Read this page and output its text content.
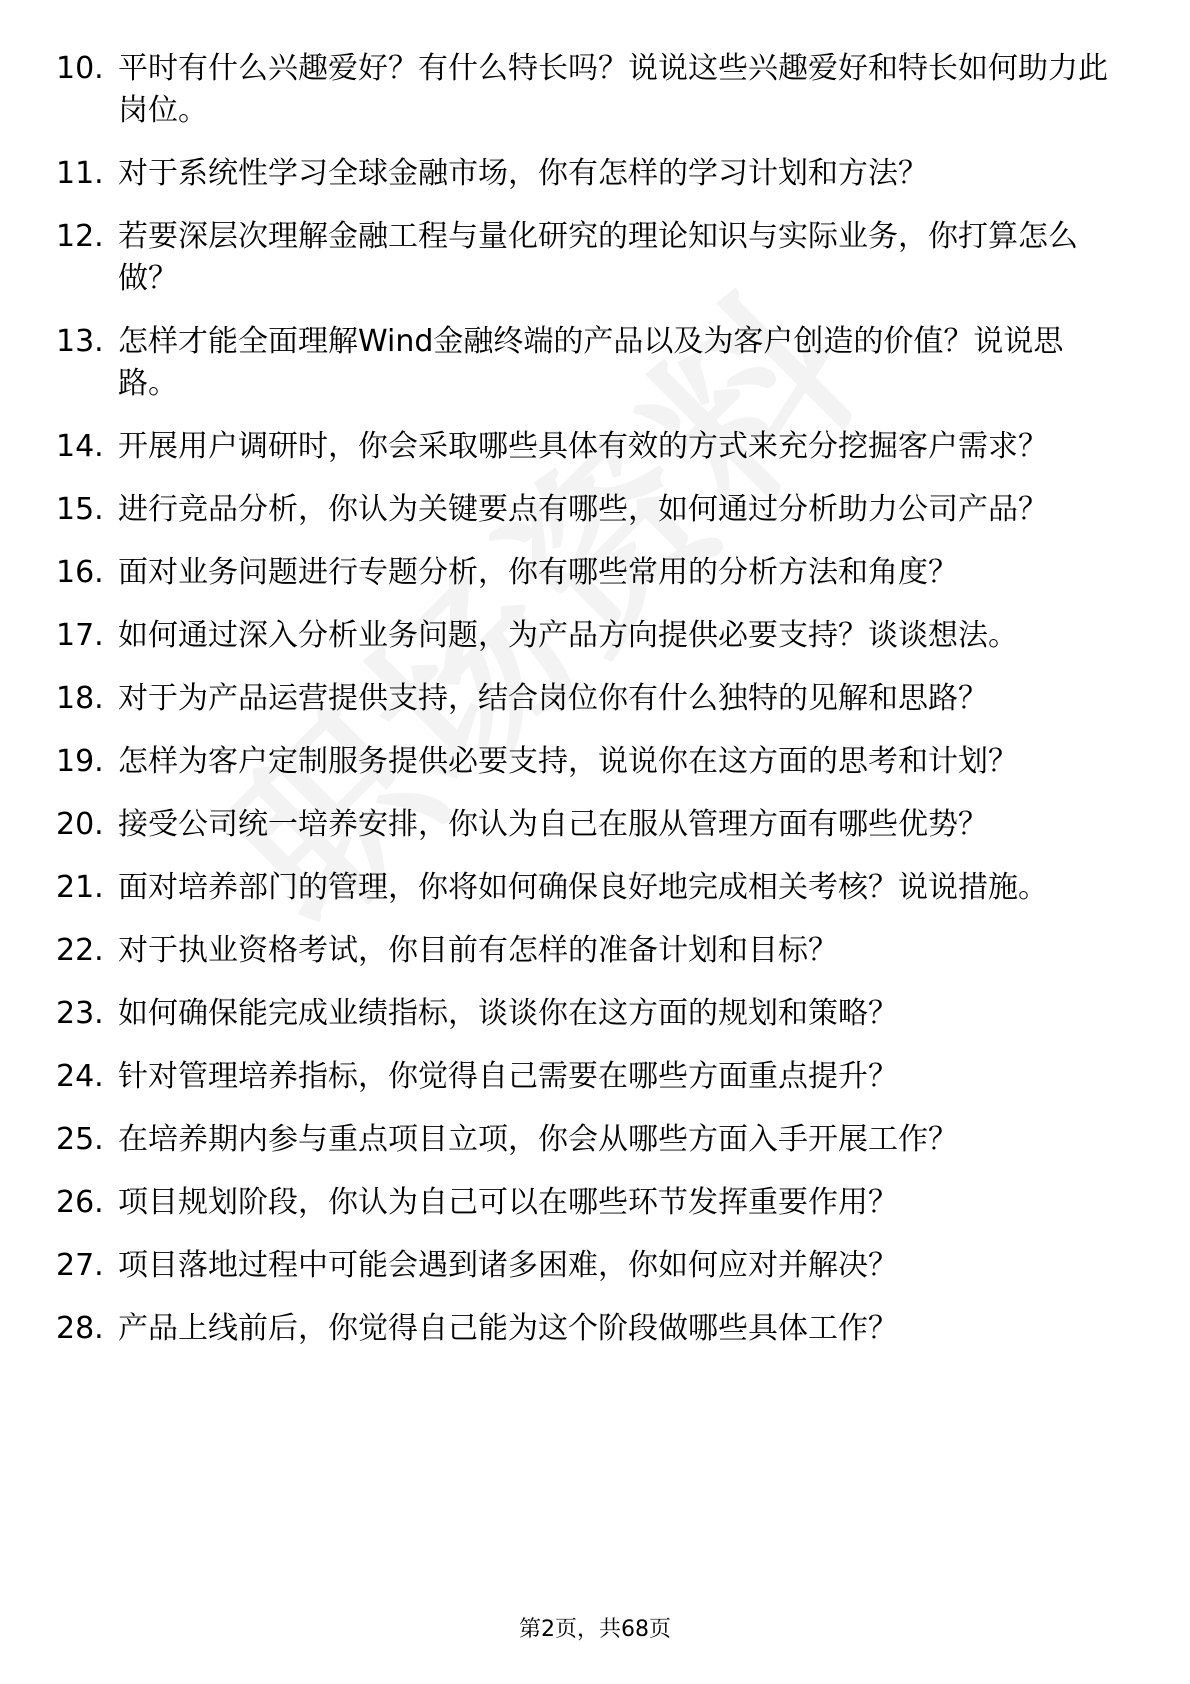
10. 平时有什么兴趣爱好？有什么特长吗？说说这些兴趣爱好和特长如何助力此岗位。
11. 对于系统性学习全球金融市场，你有怎样的学习计划和方法？
12. 若要深层次理解金融工程与量化研究的理论知识与实际业务，你打算怎么做？
13. 怎样才能全面理解Wind金融终端的产品以及为客户创造的价值？说说思路。
14. 开展用户调研时，你会采取哪些具体有效的方式来充分挖掘客户需求？
15. 进行竞品分析，你认为关键要点有哪些，如何通过分析助力公司产品？
16. 面对业务问题进行专题分析，你有哪些常用的分析方法和角度？
17. 如何通过深入分析业务问题，为产品方向提供必要支持？谈谈想法。
18. 对于为产品运营提供支持，结合岗位你有什么独特的见解和思路？
19. 怎样为客户定制服务提供必要支持，说说你在这方面的思考和计划？
20. 接受公司统一培养安排，你认为自己在服从管理方面有哪些优势？
21. 面对培养部门的管理，你将如何确保良好地完成相关考核？说说措施。
22. 对于执业资格考试，你目前有怎样的准备计划和目标？
23. 如何确保能完成业绩指标，谈谈你在这方面的规划和策略？
24. 针对管理培养指标，你觉得自己需要在哪些方面重点提升？
25. 在培养期内参与重点项目立项，你会从哪些方面入手开展工作？
26. 项目规划阶段，你认为自己可以在哪些环节发挥重要作用？
27. 项目落地过程中可能会遇到诸多困难，你如何应对并解决？
28. 产品上线前后，你觉得自己能为这个阶段做哪些具体工作？
第2页，共68页
